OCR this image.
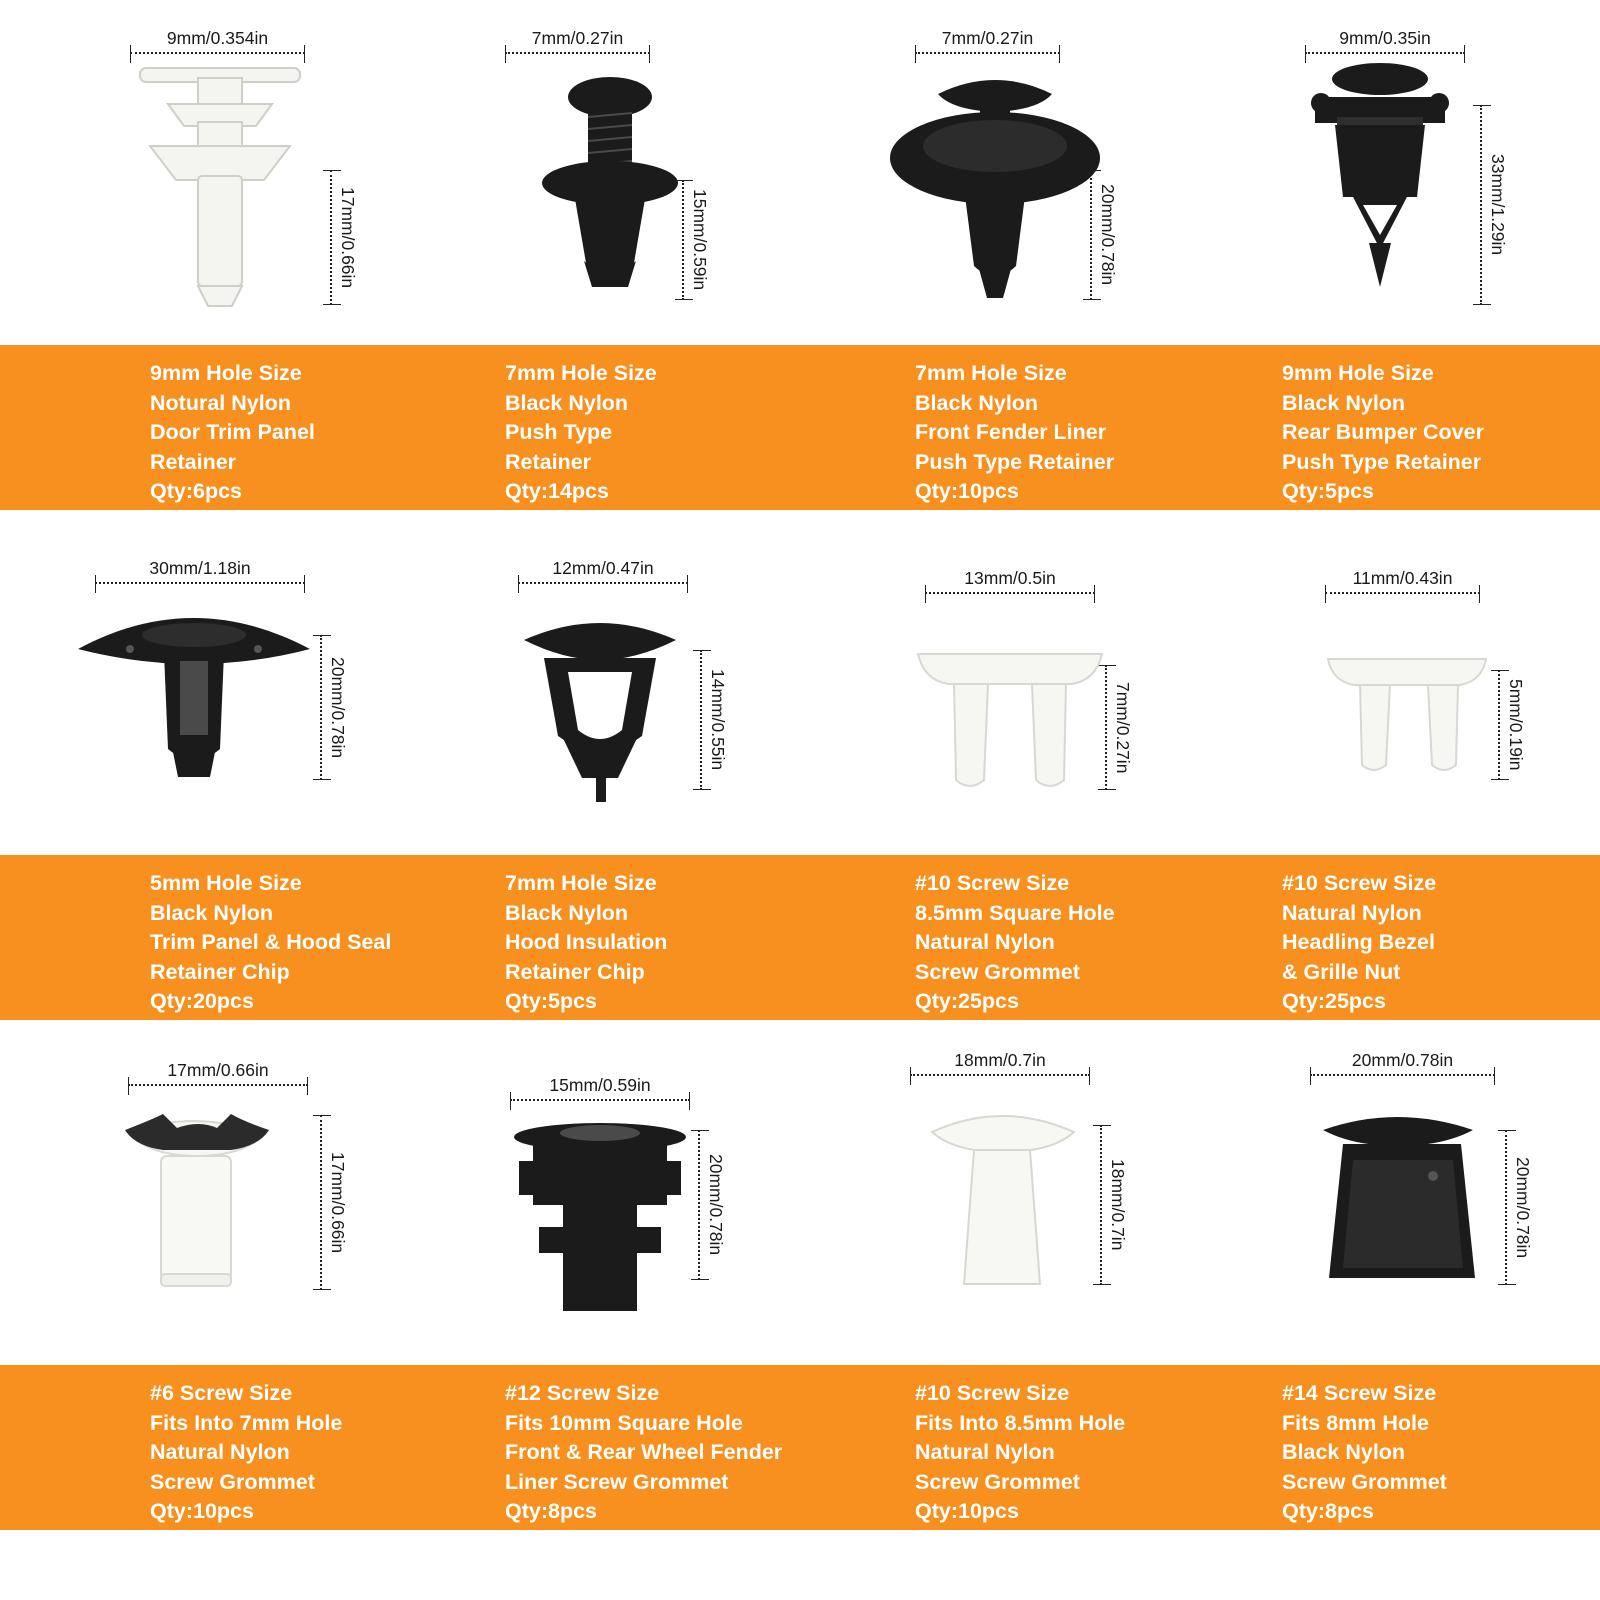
9mm/0.354in
17mm/0.66in
7mm/0.27in
15mm/0.59in
7mm/0.27in
20mm/0.78in
9mm/0.35in
33mm/1.29in
9mm Hole Size
Notural Nylon
Door Trim Panel
Retainer
Qty:6pcs
7mm Hole Size
Black Nylon
Push Type
Retainer
Qty:14pcs
7mm Hole Size
Black Nylon
Front Fender Liner
Push Type Retainer
Qty:10pcs
9mm Hole Size
Black Nylon
Rear Bumper Cover
Push Type Retainer
Qty:5pcs
30mm/1.18in
20mm/0.78in
12mm/0.47in
14mm/0.55in
13mm/0.5in
7mm/0.27in
11mm/0.43in
5mm/0.19in
5mm Hole Size
Black Nylon
Trim Panel & Hood Seal
Retainer Chip
Qty:20pcs
7mm Hole Size
Black Nylon
Hood Insulation
Retainer Chip
Qty:5pcs
#10 Screw Size
8.5mm Square Hole
Natural Nylon
Screw Grommet
Qty:25pcs
#10 Screw Size
Natural Nylon
Headling Bezel
& Grille Nut
Qty:25pcs
17mm/0.66in
17mm/0.66in
15mm/0.59in
20mm/0.78in
18mm/0.7in
18mm/0.7in
20mm/0.78in
20mm/0.78in
#6 Screw Size
Fits Into 7mm Hole
Natural Nylon
Screw Grommet
Qty:10pcs
#12 Screw Size
Fits 10mm Square Hole
Front & Rear Wheel Fender
Liner Screw Grommet
Qty:8pcs
#10 Screw Size
Fits Into 8.5mm Hole
Natural Nylon
Screw Grommet
Qty:10pcs
#14 Screw Size
Fits 8mm Hole
Black Nylon
Screw Grommet
Qty:8pcs
